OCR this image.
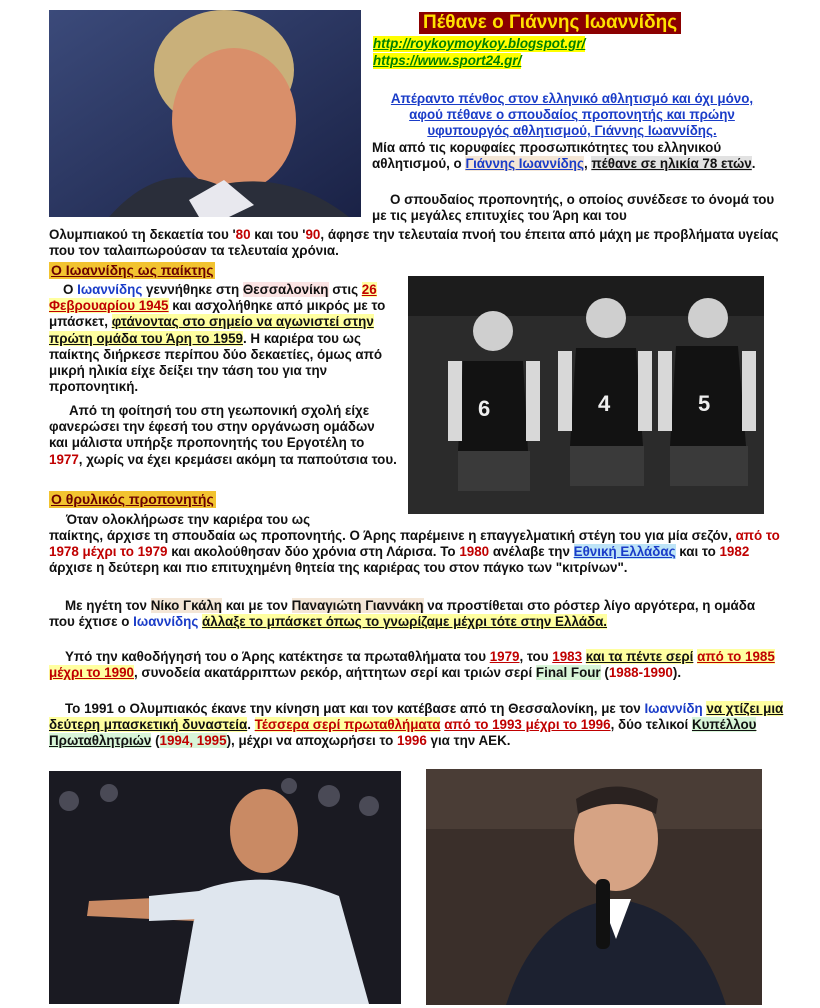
Πέθανε ο Γιάννης Ιωαννίδης
http://roykoymoykoy.blogspot.gr/
https://www.sport24.gr/
Απέραντο πένθος στον ελληνικό αθλητισμό και όχι μόνο, αφού πέθανε ο σπουδαίος προπονητής και πρώην υφυπουργός αθλητισμού, Γιάννης Ιωαννίδης.
Μία από τις κορυφαίες προσωπικότητες του ελληνικού αθλητισμού, ο Γιάννης Ιωαννίδης, πέθανε σε ηλικία 78 ετών.
Ο σπουδαίος προπονητής, ο οποίος συνέδεσε το όνομά του με τις μεγάλες επιτυχίες του Άρη και του
Ολυμπιακού τη δεκαετία του '80 και του '90, άφησε την τελευταία πνοή του έπειτα από μάχη με προβλήματα υγείας που τον ταλαιπωρούσαν τα τελευταία χρόνια.
Ο Ιωαννίδης ως παίκτης
Ο Ιωαννίδης γεννήθηκε στη Θεσσαλονίκη στις 26 Φεβρουαρίου 1945 και ασχολήθηκε από μικρός με το μπάσκετ, φτάνοντας στο σημείο να αγωνιστεί στην πρώτη ομάδα του Άρη το 1959. Η καριέρα του ως παίκτης διήρκεσε περίπου δύο δεκαετίες, όμως από μικρή ηλικία είχε δείξει την τάση του για την προπονητική.
Από τη φοίτησή του στη γεωπονική σχολή είχε φανερώσει την έφεσή του στην οργάνωση ομάδων και μάλιστα υπήρξε προπονητής του Εργοτέλη το 1977, χωρίς να έχει κρεμάσει ακόμη τα παπούτσια του.
6	4	5
Ο θρυλικός προπονητής
Όταν ολοκλήρωσε την καριέρα του ως
παίκτης, άρχισε τη σπουδαία ως προπονητής. Ο Άρης παρέμεινε η επαγγελματική στέγη του για μία σεζόν, από το 1978 μέχρι το 1979 και ακολούθησαν δύο χρόνια στη Λάρισα. Το 1980 ανέλαβε την Εθνική Ελλάδας και το 1982 άρχισε η δεύτερη και πιο επιτυχημένη θητεία της καριέρας του στον πάγκο των "κιτρίνων".
Με ηγέτη τον Νίκο Γκάλη και με τον Παναγιώτη Γιαννάκη να προστίθεται στο ρόστερ λίγο αργότερα, η ομάδα που έχτισε ο Ιωαννίδης άλλαξε το μπάσκετ όπως το γνωρίζαμε μέχρι τότε στην Ελλάδα.
Υπό την καθοδήγησή του ο Άρης κατέκτησε τα πρωταθλήματα του 1979, του 1983 και τα πέντε σερί από το 1985 μέχρι το 1990, συνοδεία ακατάρριπτων ρεκόρ, αήττητων σερί και τριών σερί Final Four (1988-1990).
Το 1991 ο Ολυμπιακός έκανε την κίνηση ματ και τον κατέβασε από τη Θεσσαλονίκη, με τον Ιωαννίδη να χτίζει μια δεύτερη μπασκετική δυναστεία. Τέσσερα σερί πρωταθλήματα από το 1993 μέχρι το 1996, δύο τελικοί Κυπέλλου Πρωταθλητριών (1994, 1995), μέχρι να αποχωρήσει το 1996 για την ΑΕΚ.
